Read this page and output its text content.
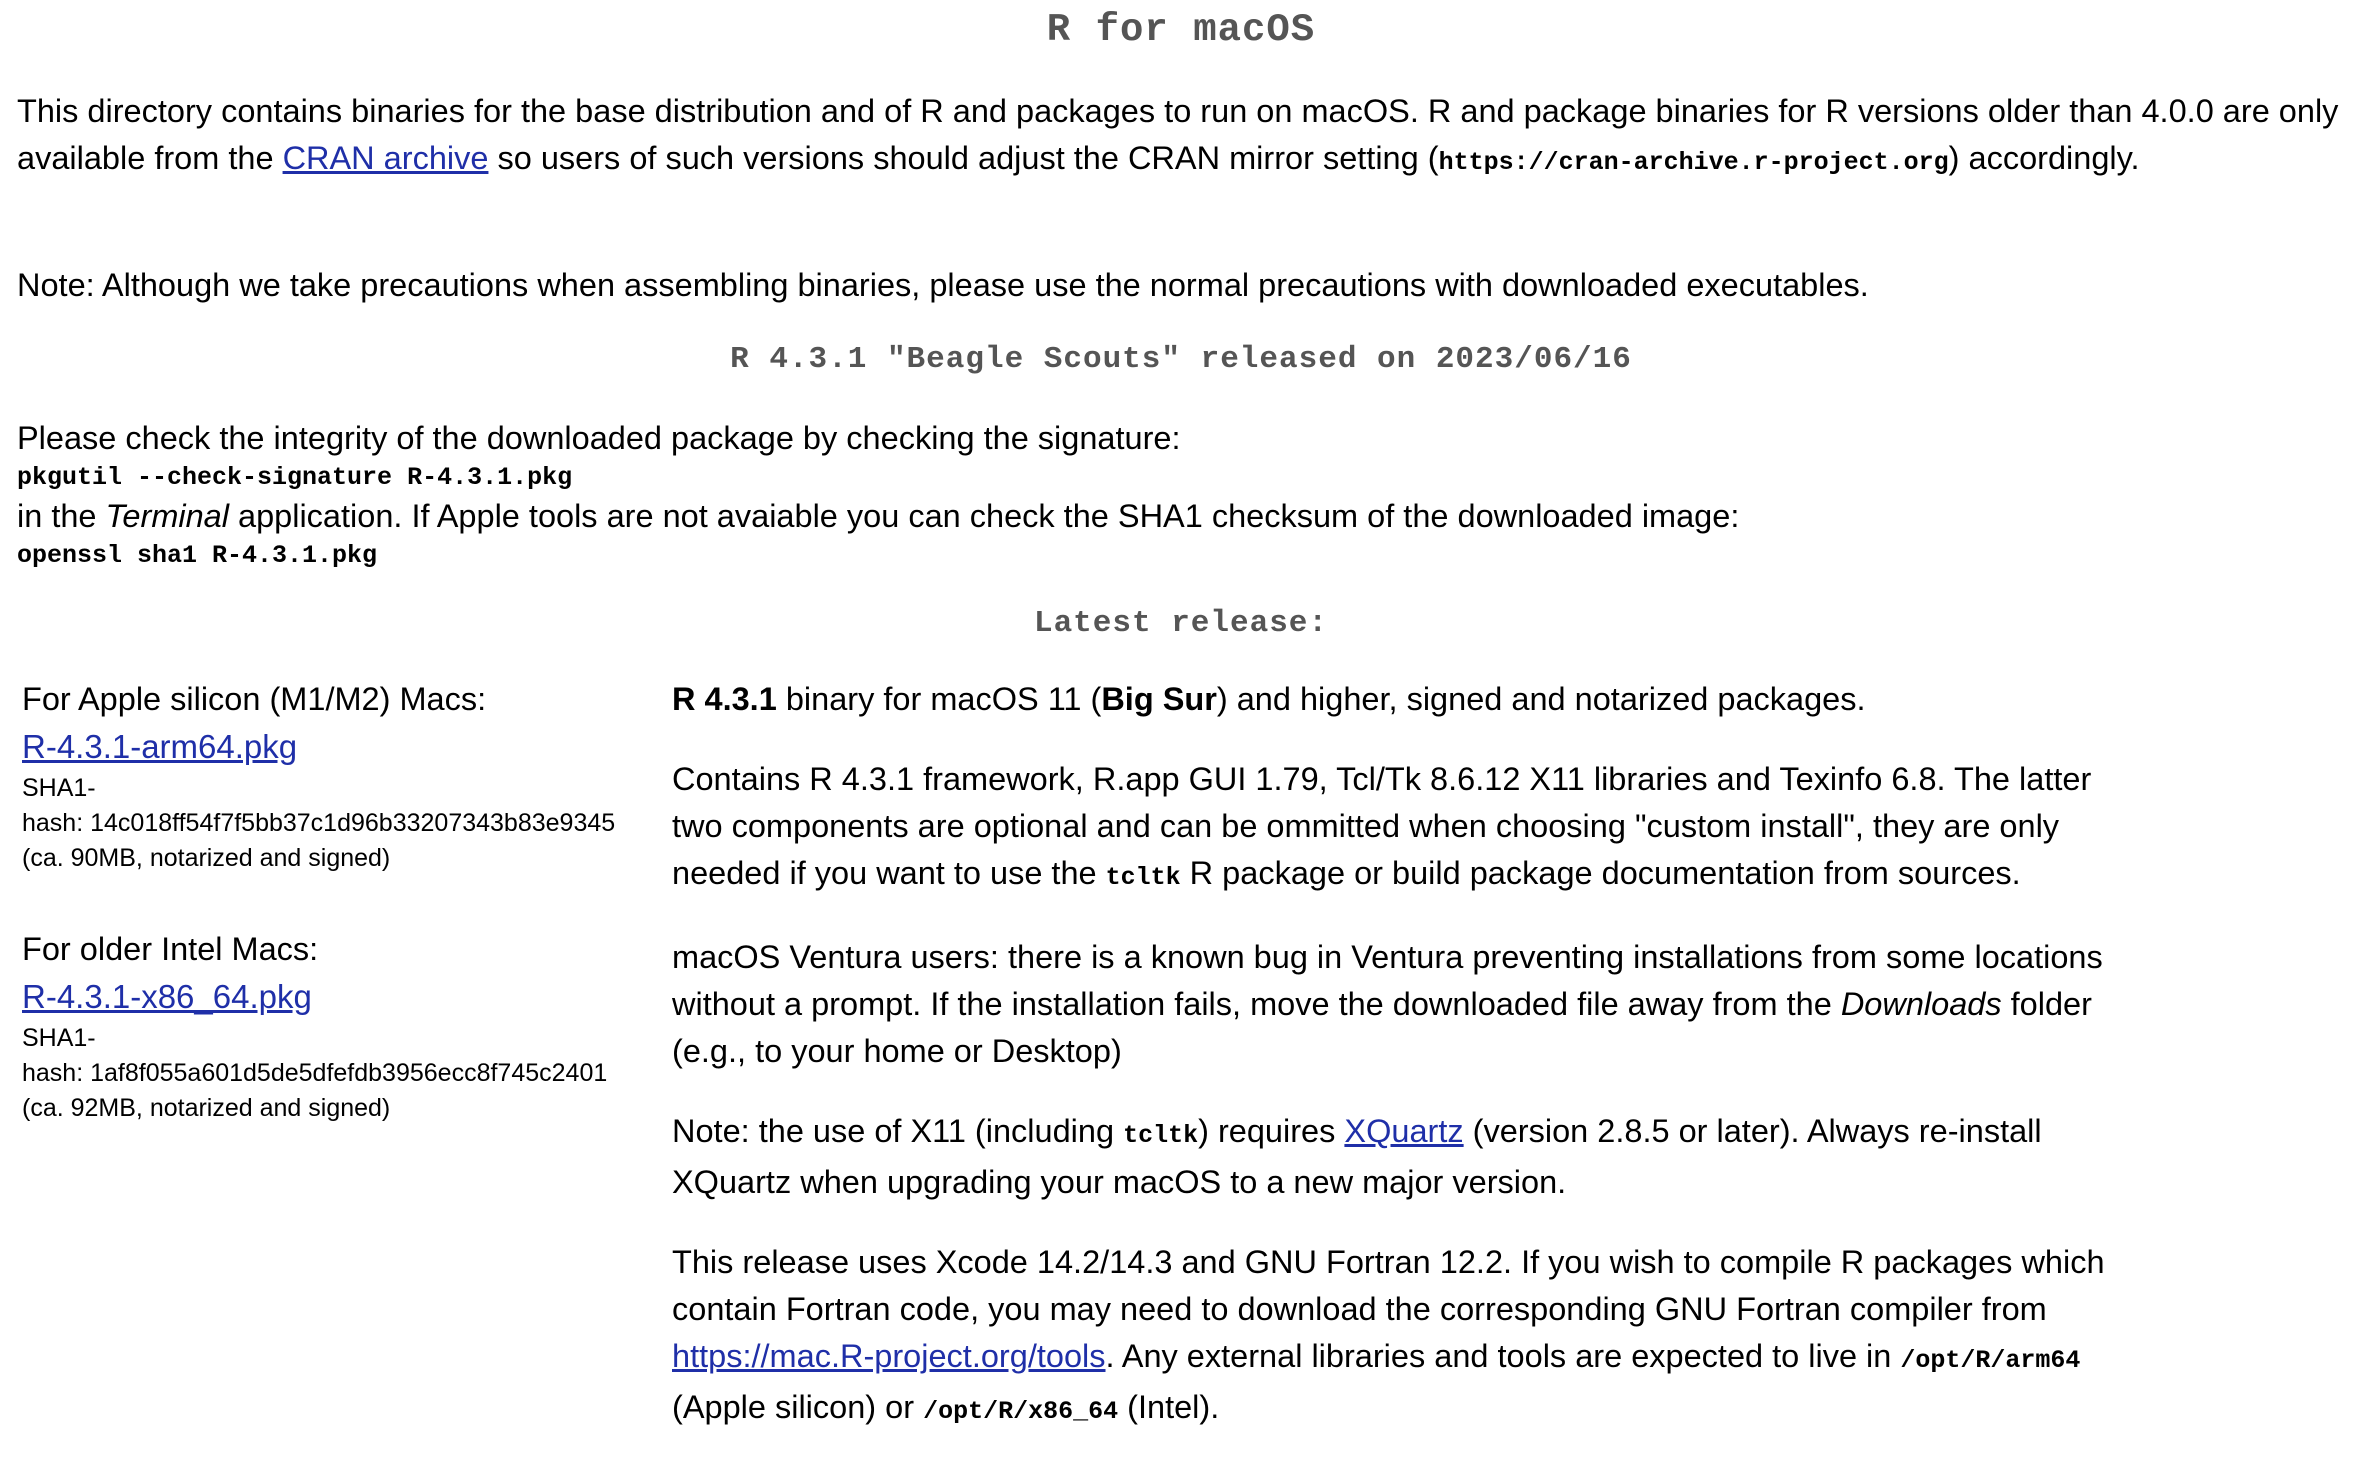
R for macOS

This directory contains binaries for the base distribution and of R and packages to run on macOS. R and package binaries for R versions older than 4.0.0 are only available from the CRAN archive so users of such versions should adjust the CRAN mirror setting (https://cran-archive.r-project.org) accordingly.

Note: Although we take precautions when assembling binaries, please use the normal precautions with downloaded executables.

R 4.3.1 "Beagle Scouts" released on 2023/06/16

Please check the integrity of the downloaded package by checking the signature:

pkgutil --check-signature R-4.3.1.pkg

in the Terminal application. If Apple tools are not avaiable you can check the SHA1 checksum of the downloaded image:

openssl sha1 R-4.3.1.pkg

Latest release:

For Apple silicon (M1/M2) Macs:

R-4.3.1-arm64.pkg

SHA1-

hash: 14c018ff54f7f5bb37c1d96b33207343b83e9345

(ca. 90MB, notarized and signed)

For older Intel Macs:

R-4.3.1-x86_64.pkg

SHA1-

hash: 1af8f055a601d5de5dfefdb3956ecc8f745c2401

(ca. 92MB, notarized and signed)

R 4.3.1 binary for macOS 11 (Big Sur) and higher, signed and notarized packages.

Contains R 4.3.1 framework, R.app GUI 1.79, Tcl/Tk 8.6.12 X11 libraries and Texinfo 6.8. The latter two components are optional and can be ommitted when choosing "custom install", they are only needed if you want to use the tcltk R package or build package documentation from sources.

macOS Ventura users: there is a known bug in Ventura preventing installations from some locations without a prompt. If the installation fails, move the downloaded file away from the Downloads folder (e.g., to your home or Desktop)

Note: the use of X11 (including tcltk) requires XQuartz (version 2.8.5 or later). Always re-install XQuartz when upgrading your macOS to a new major version.

This release uses Xcode 14.2/14.3 and GNU Fortran 12.2. If you wish to compile R packages which contain Fortran code, you may need to download the corresponding GNU Fortran compiler from https://mac.R-project.org/tools. Any external libraries and tools are expected to live in /opt/R/arm64 (Apple silicon) or /opt/R/x86_64 (Intel).
